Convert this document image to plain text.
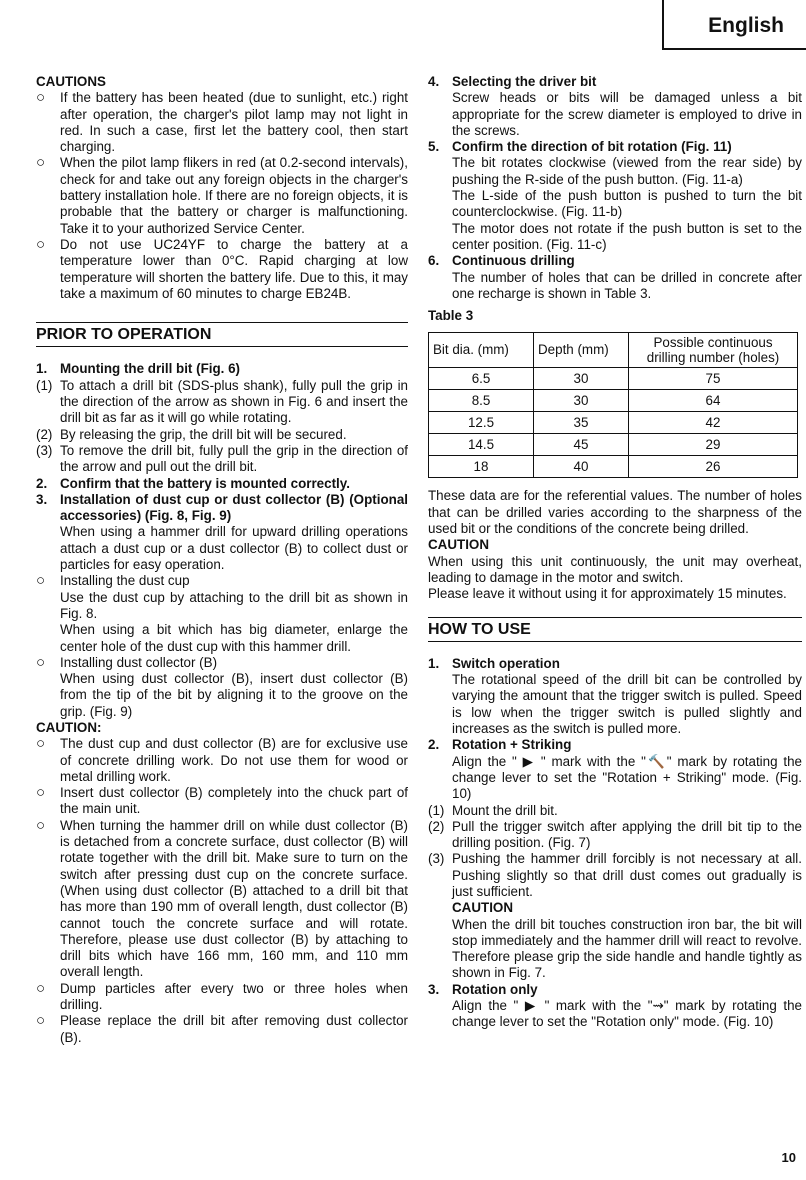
English

CAUTIONS

○	If the battery has been heated (due to sunlight, etc.) right after operation, the charger's pilot lamp may not light in red. In such a case, first let the battery cool, then start charging.
○	When the pilot lamp flikers in red (at 0.2-second intervals), check for and take out any foreign objects in the charger's battery installation hole. If there are no foreign objects, it is probable that the battery or charger is malfunctioning. Take it to your authorized Service Center.
○	Do not use UC24YF to charge the battery at a temperature lower than 0°C. Rapid charging at low temperature will shorten the battery life. Due to this, it may take a maximum of 60 minutes to charge EB24B.

PRIOR TO OPERATION

1. Mounting the drill bit (Fig. 6)
(1) To attach a drill bit (SDS-plus shank), fully pull the grip in the direction of the arrow as shown in Fig. 6 and insert the drill bit as far as it will go while rotating.
(2) By releasing the grip, the drill bit will be secured.
(3) To remove the drill bit, fully pull the grip in the direction of the arrow and pull out the drill bit.
2. Confirm that the battery is mounted correctly.
3. Installation of dust cup or dust collector (B) (Optional accessories) (Fig. 8, Fig. 9)
When using a hammer drill for upward drilling operations attach a dust cup or a dust collector (B) to collect dust or particles for easy operation.
○	Installing the dust cup
Use the dust cup by attaching to the drill bit as shown in Fig. 8.
When using a bit which has big diameter, enlarge the center hole of the dust cup with this hammer drill.
○	Installing dust collector (B)
When using dust collector (B), insert dust collector (B) from the tip of the bit by aligning it to the groove on the grip. (Fig. 9)

CAUTION:

○	The dust cup and dust collector (B) are for exclusive use of concrete drilling work. Do not use them for wood or metal drilling work.
○	Insert dust collector (B) completely into the chuck part of the main unit.
○	When turning the hammer drill on while dust collector (B) is detached from a concrete surface, dust collector (B) will rotate together with the drill bit. Make sure to turn on the switch after pressing dust cup on the concrete surface. (When using dust collector (B) attached to a drill bit that has more than 190 mm of overall length, dust collector (B) cannot touch the concrete surface and will rotate. Therefore, please use dust collector (B) by attaching to drill bits which have 166 mm, 160 mm, and 110 mm overall length.
○	Dump particles after every two or three holes when drilling.
○	Please replace the drill bit after removing dust collector (B).
4. Selecting the driver bit
Screw heads or bits will be damaged unless a bit appropriate for the screw diameter is employed to drive in the screws.
5. Confirm the direction of bit rotation (Fig. 11)
The bit rotates clockwise (viewed from the rear side) by pushing the R-side of the push button. (Fig. 11-a)
The L-side of the push button is pushed to turn the bit counterclockwise. (Fig. 11-b)
The motor does not rotate if the push button is set to the center position. (Fig. 11-c)
6. Continuous drilling
The number of holes that can be drilled in concrete after one recharge is shown in Table 3.

Table 3

Bit dia. (mm)	Depth (mm)	Possible continuous drilling number (holes)
6.5	30	75
8.5	30	64
12.5	35	42
14.5	45	29
18	40	26

These data are for the referential values. The number of holes that can be drilled varies according to the sharpness of the used bit or the conditions of the concrete being drilled.

CAUTION

When using this unit continuously, the unit may overheat, leading to damage in the motor and switch.

Please leave it without using it for approximately 15 minutes.

HOW TO USE

1. Switch operation
The rotational speed of the drill bit can be controlled by varying the amount that the trigger switch is pulled. Speed is low when the trigger switch is pulled slightly and increases as the switch is pulled more.
2. Rotation + Striking
Align the " ▶ " mark with the "🔨" mark by rotating the change lever to set the "Rotation + Striking" mode. (Fig. 10)
(1) Mount the drill bit.
(2) Pull the trigger switch after applying the drill bit tip to the drilling position. (Fig. 7)
(3) Pushing the hammer drill forcibly is not necessary at all. Pushing slightly so that drill dust comes out gradually is just sufficient.
CAUTION
When the drill bit touches construction iron bar, the bit will stop immediately and the hammer drill will react to revolve. Therefore please grip the side handle and handle tightly as shown in Fig. 7.
3. Rotation only
Align the " ▶ " mark with the "⇝" mark by rotating the change lever to set the "Rotation only" mode. (Fig. 10)
10
